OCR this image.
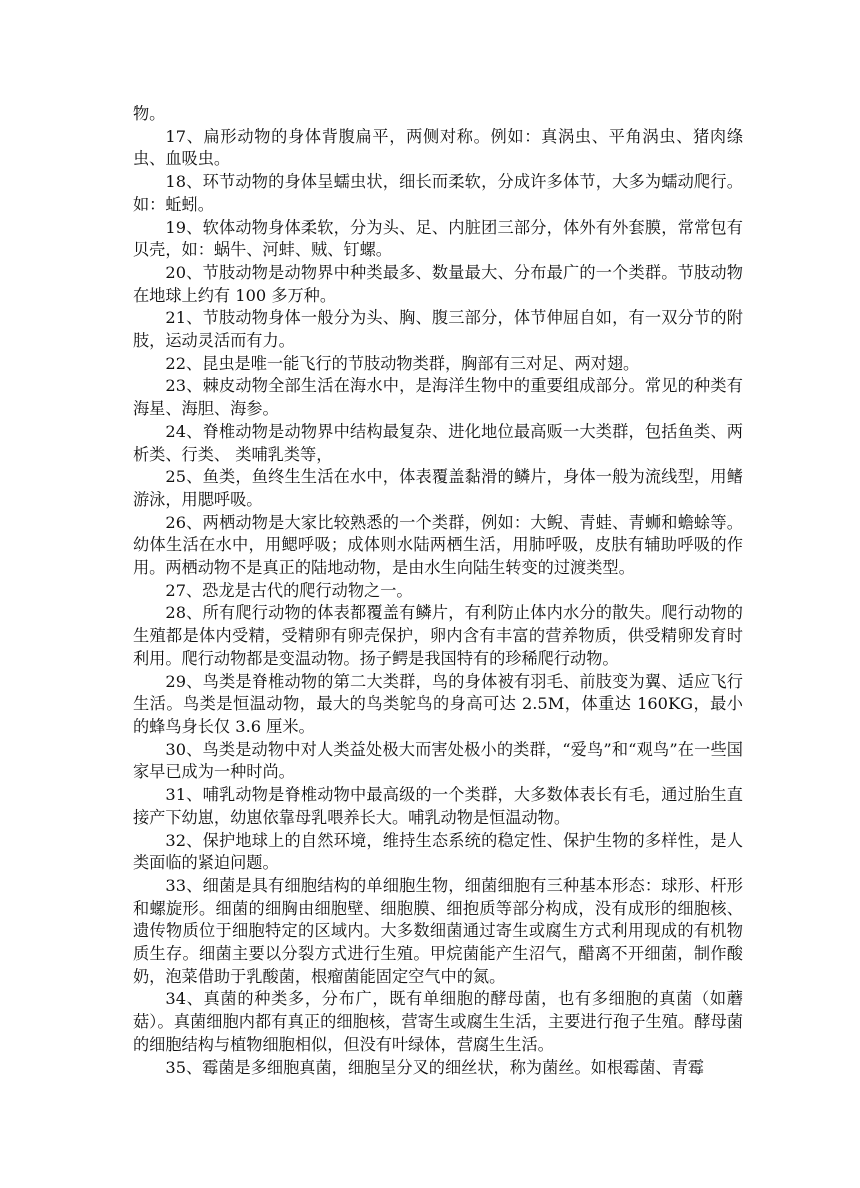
物。

17、扁形动物的身体背腹扁平，两侧对称。例如：真涡虫、平角涡虫、猪肉绦虫、血吸虫。

18、环节动物的身体呈蠕虫状，细长而柔软，分成许多体节，大多为蠕动爬行。如：蚯蚓。

19、软体动物身体柔软，分为头、足、内脏团三部分，体外有外套膜，常常包有贝壳，如：蜗牛、河蚌、贼、钉螺。

20、节肢动物是动物界中种类最多、数量最大、分布最广的一个类群。节肢动物在地球上约有 100 多万种。

21、节肢动物身体一般分为头、胸、腹三部分，体节伸屈自如，有一双分节的附肢，运动灵活而有力。

22、昆虫是唯一能飞行的节肢动物类群，胸部有三对足、两对翅。

23、棘皮动物全部生活在海水中，是海洋生物中的重要组成部分。常见的种类有海星、海胆、海参。

24、脊椎动物是动物界中结构最复杂、进化地位最高贩一大类群，包括鱼类、两析类、行类、 类哺乳类等，

25、鱼类，鱼终生生活在水中，体表覆盖黏滑的鳞片，身体一般为流线型，用鳍游泳，用腮呼吸。

26、两栖动物是大家比较熟悉的一个类群，例如：大鲵、青蛙、青蛳和蟾蜍等。幼体生活在水中，用鳃呼吸；成体则水陆两栖生活，用肺呼吸，皮肤有辅助呼吸的作用。两栖动物不是真正的陆地动物，是由水生向陆生转变的过渡类型。

27、恐龙是古代的爬行动物之一。

28、所有爬行动物的体表都覆盖有鳞片，有利防止体内水分的散失。爬行动物的生殖都是体内受精，受精卵有卵壳保护，卵内含有丰富的营养物质，供受精卵发育时利用。爬行动物都是变温动物。扬子鳄是我国特有的珍稀爬行动物。

29、鸟类是脊椎动物的第二大类群，鸟的身体被有羽毛、前肢变为翼、适应飞行生活。鸟类是恒温动物，最大的鸟类鸵鸟的身高可达 2.5M，体重达 160KG，最小的蜂鸟身长仅 3.6 厘米。

30、鸟类是动物中对人类益处极大而害处极小的类群，“爱鸟”和“观鸟”在一些国家早已成为一种时尚。

31、哺乳动物是脊椎动物中最高级的一个类群，大多数体表长有毛，通过胎生直接产下幼崽，幼崽依靠母乳喂养长大。哺乳动物是恒温动物。

32、保护地球上的自然环境，维持生态系统的稳定性、保护生物的多样性，是人类面临的紧迫问题。

33、细菌是具有细胞结构的单细胞生物，细菌细胞有三种基本形态：球形、杆形和螺旋形。细菌的细胸由细胞壁、细胞膜、细抱质等部分构成，没有成形的细胞核、遗传物质位于细胞特定的区域内。大多数细菌通过寄生或腐生方式利用现成的有机物质生存。细菌主要以分裂方式进行生殖。甲烷菌能产生沼气，醋离不开细菌，制作酸奶，泡菜借助于乳酸菌，根瘤菌能固定空气中的氮。

34、真菌的种类多，分布广，既有单细胞的酵母菌，也有多细胞的真菌（如蘑菇）。真菌细胞内都有真正的细胞核，营寄生或腐生生活，主要进行孢子生殖。酵母菌的细胞结构与植物细胞相似，但没有叶绿体，营腐生生活。

35、霉菌是多细胞真菌，细胞呈分叉的细丝状，称为菌丝。如根霉菌、青霉
